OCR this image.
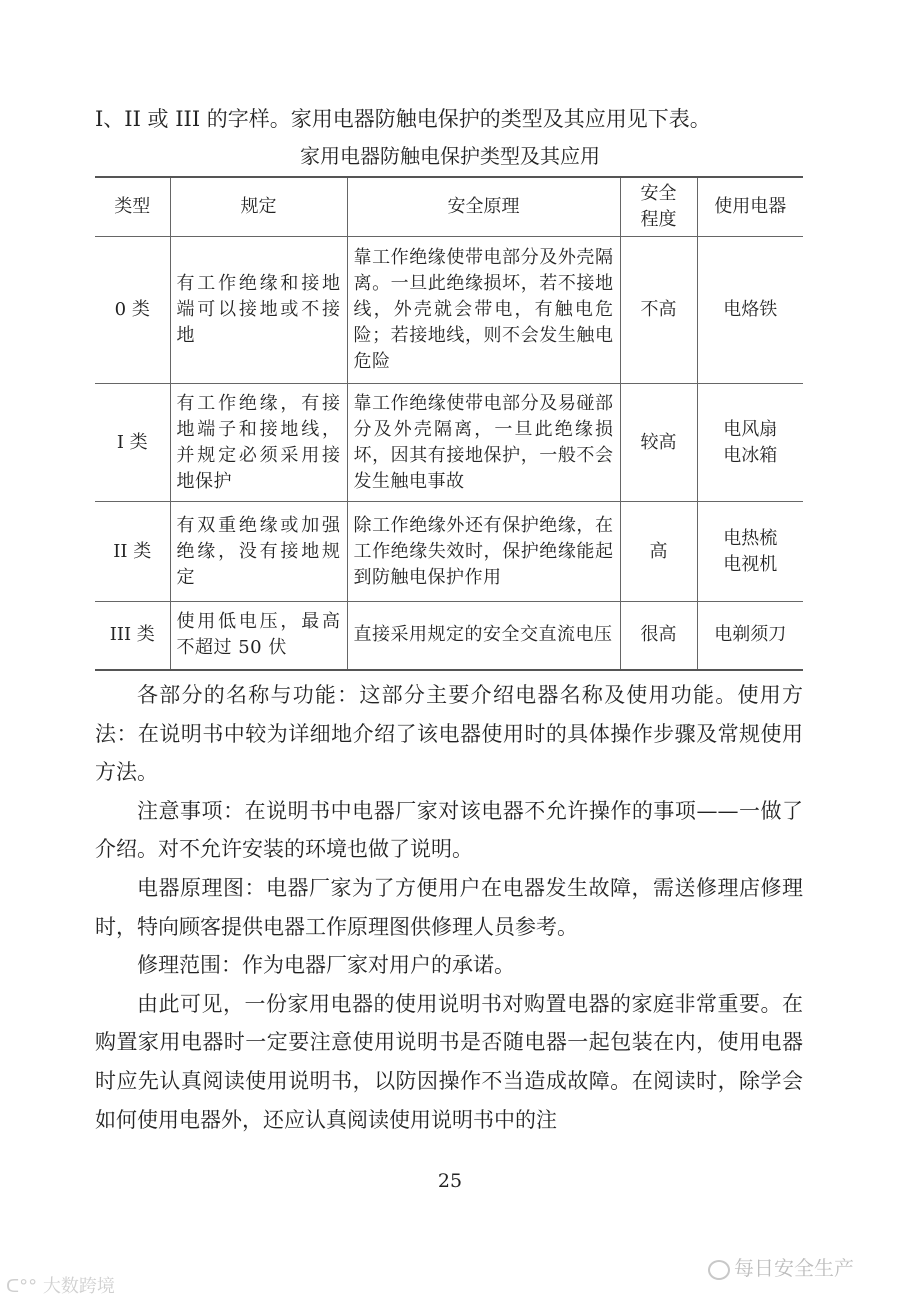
I、II 或 III 的字样。家用电器防触电保护的类型及其应用见下表。
家用电器防触电保护类型及其应用
类型	规定	安全原理	安全程度	使用电器
0 类	有工作绝缘和接地端可以接地或不接地	靠工作绝缘使带电部分及外壳隔离。一旦此绝缘损坏，若不接地线，外壳就会带电，有触电危险；若接地线，则不会发生触电危险	不高	电烙铁

I 类	有工作绝缘，有接地端子和接地线，并规定必须采用接地保护	靠工作绝缘使带电部分及易碰部分及外壳隔离，一旦此绝缘损坏，因其有接地保护，一般不会发生触电事故	较高	电风扇
电冰箱

II 类	有双重绝缘或加强绝缘，没有接地规定	除工作绝缘外还有保护绝缘，在工作绝缘失效时，保护绝缘能起到防触电保护作用	高	电热梳
电视机

III 类	使用低电压，最高不超过 50 伏	直接采用规定的安全交直流电压	很高	电剃须刀

各部分的名称与功能：这部分主要介绍电器名称及使用功能。使用方法：在说明书中较为详细地介绍了该电器使用时的具体操作步骤及常规使用方法。

注意事项：在说明书中电器厂家对该电器不允许操作的事项——一做了介绍。对不允许安装的环境也做了说明。

电器原理图：电器厂家为了方便用户在电器发生故障，需送修理店修理时，特向顾客提供电器工作原理图供修理人员参考。

修理范围：作为电器厂家对用户的承诺。

由此可见，一份家用电器的使用说明书对购置电器的家庭非常重要。在购置家用电器时一定要注意使用说明书是否随电器一起包装在内，使用电器时应先认真阅读使用说明书，以防因操作不当造成故障。在阅读时，除学会如何使用电器外，还应认真阅读使用说明书中的注

25
ᑕ°° 大数跨境
每日安全生产
